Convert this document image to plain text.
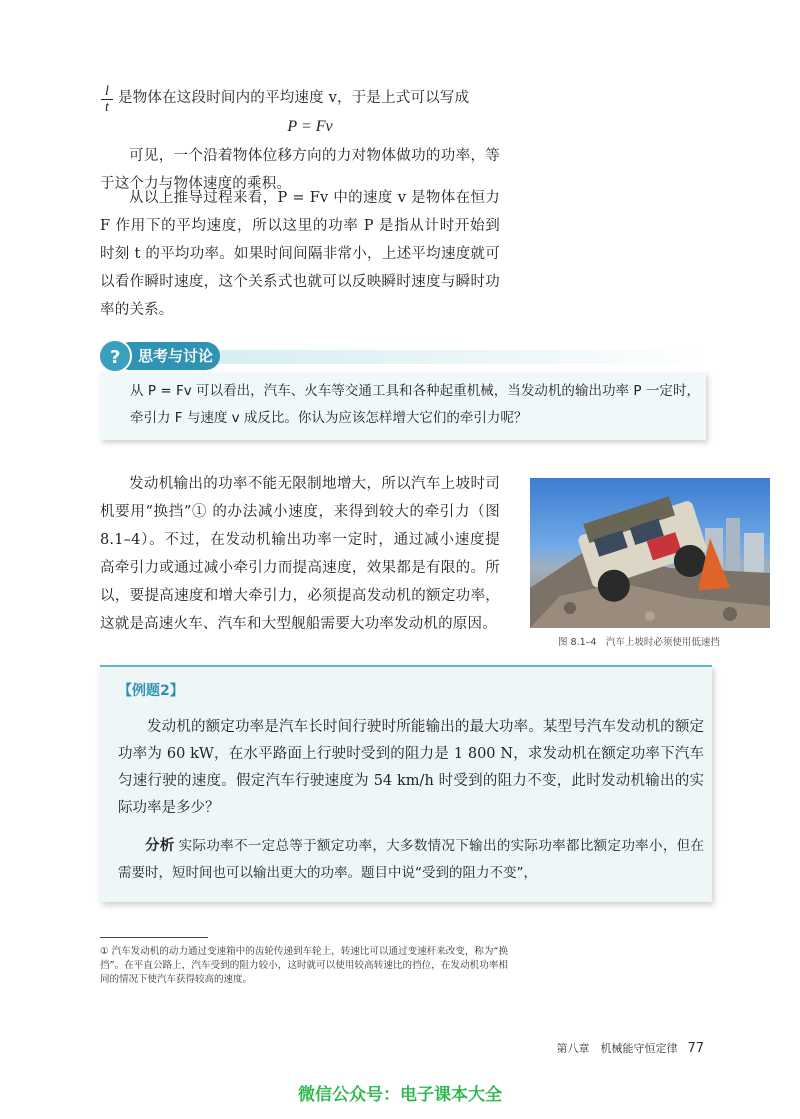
$\frac{l}{t}$ 是物体在这段时间内的平均速度 v，于是上式可以写成
P = Fv
可见，一个沿着物体位移方向的力对物体做功的功率，等于这个力与物体速度的乘积。
从以上推导过程来看，P = Fv 中的速度 v 是物体在恒力 F 作用下的平均速度，所以这里的功率 P 是指从计时开始到时刻 t 的平均功率。如果时间间隔非常小，上述平均速度就可以看作瞬时速度，这个关系式也就可以反映瞬时速度与瞬时功率的关系。
思考与讨论
?
从 P = Fv 可以看出，汽车、火车等交通工具和各种起重机械，当发动机的输出功率 P 一定时，牵引力 F 与速度 v 成反比。你认为应该怎样增大它们的牵引力呢？
发动机输出的功率不能无限制地增大，所以汽车上坡时司机要用“换挡”① 的办法减小速度，来得到较大的牵引力（图 8.1–4）。不过，在发动机输出功率一定时，通过减小速度提高牵引力或通过减小牵引力而提高速度，效果都是有限的。所以，要提高速度和增大牵引力，必须提高发动机的额定功率，这就是高速火车、汽车和大型舰船需要大功率发动机的原因。
图 8.1–4　汽车上坡时必须使用低速挡
【例题2】
发动机的额定功率是汽车长时间行驶时所能输出的最大功率。某型号汽车发动机的额定功率为 60 kW，在水平路面上行驶时受到的阻力是 1 800 N，求发动机在额定功率下汽车匀速行驶的速度。假定汽车行驶速度为 54 km/h 时受到的阻力不变，此时发动机输出的实际功率是多少？
分析 实际功率不一定总等于额定功率，大多数情况下输出的实际功率都比额定功率小，但在需要时，短时间也可以输出更大的功率。题目中说“受到的阻力不变”，
① 汽车发动机的动力通过变速箱中的齿轮传递到车轮上，转速比可以通过变速杆来改变，称为“换挡”。在平直公路上，汽车受到的阻力较小，这时就可以使用较高转速比的挡位，在发动机功率相同的情况下使汽车获得较高的速度。
第八章　机械能守恒定律 77
微信公众号：电子课本大全
